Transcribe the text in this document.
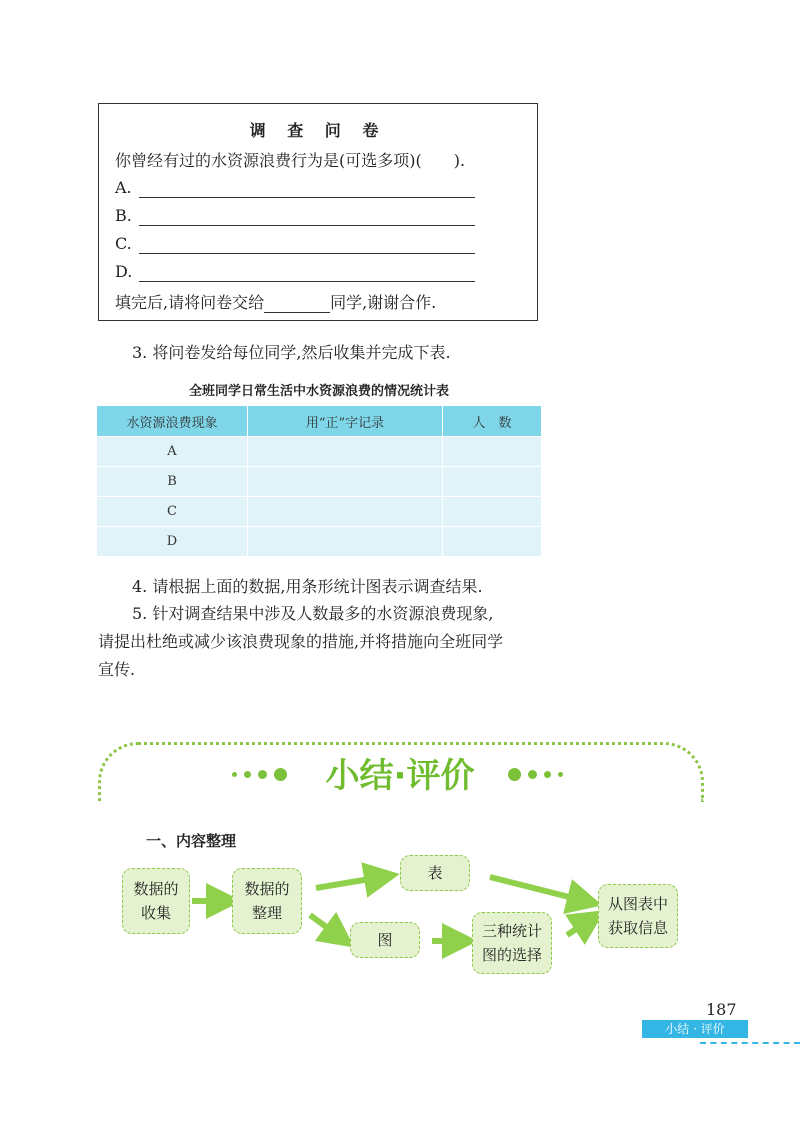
调 查 问 卷
你曾经有过的水资源浪费行为是(可选多项)(　　).
A.
B.
C.
D.
填完后,请将问卷交给	同学,谢谢合作.
3. 将问卷发给每位同学,然后收集并完成下表.
全班同学日常生活中水资源浪费的情况统计表
水资源浪费现象	用“正”字记录	人　数
A		
B		
C		
D		
4. 请根据上面的数据,用条形统计图表示调查结果.
5. 针对调查结果中涉及人数最多的水资源浪费现象,
请提出杜绝或减少该浪费现象的措施,并将措施向全班同学
宣传.
小结·评价
一、内容整理
数据的
收集
数据的
整理
表
图	三种统计
图的选择
从图表中
获取信息
187
小结 · 评价
